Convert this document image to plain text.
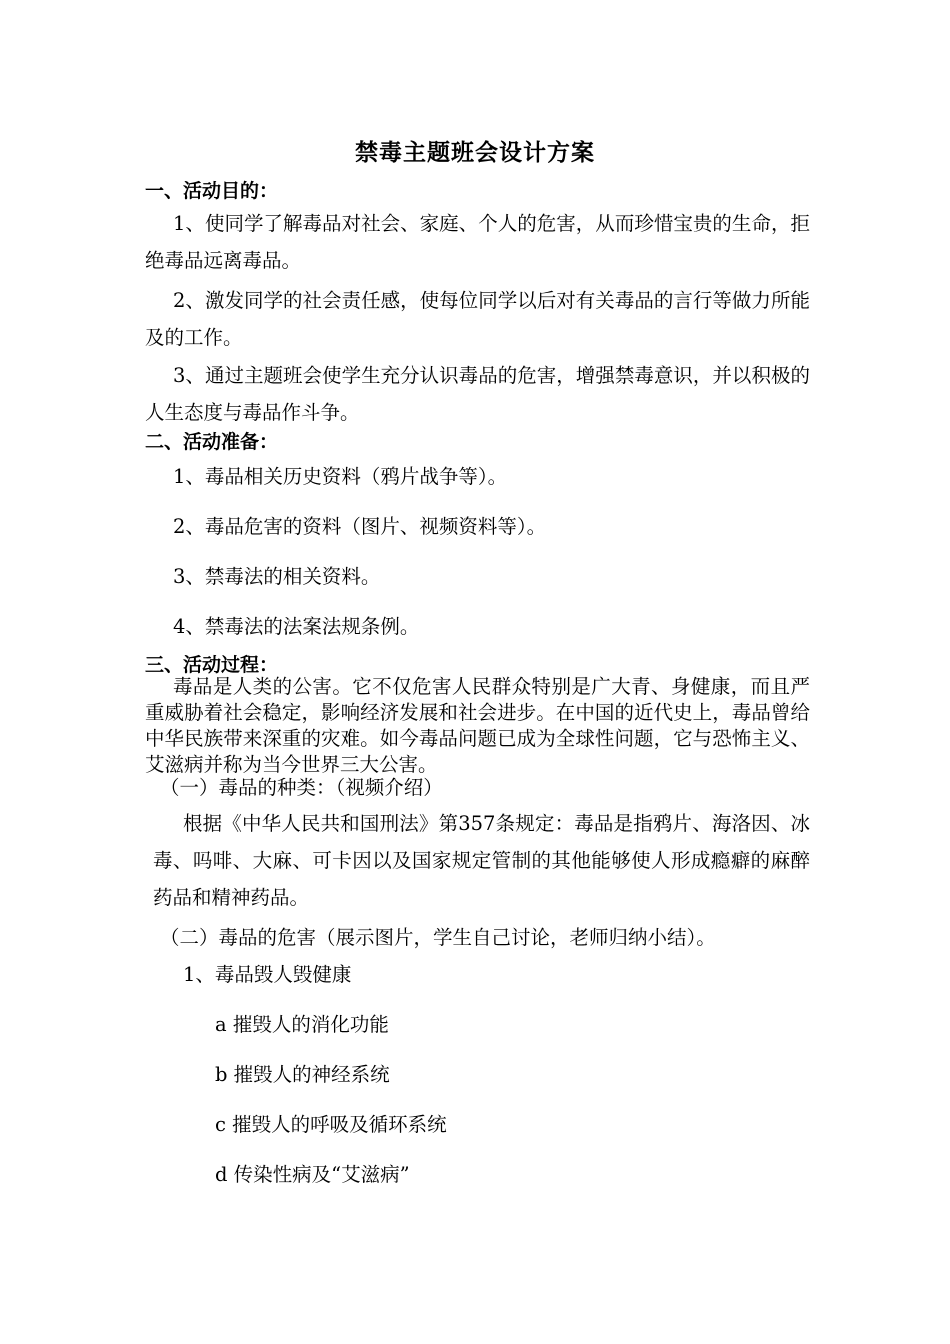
禁毒主题班会设计方案
一、活动目的：

1、使同学了解毒品对社会、家庭、个人的危害，从而珍惜宝贵的生命，拒绝毒品远离毒品。

2、激发同学的社会责任感，使每位同学以后对有关毒品的言行等做力所能及的工作。

3、通过主题班会使学生充分认识毒品的危害，增强禁毒意识，并以积极的人生态度与毒品作斗争。

二、活动准备：
1、毒品相关历史资料（鸦片战争等）。
2、毒品危害的资料（图片、视频资料等）。
3、禁毒法的相关资料。
4、禁毒法的法案法规条例。
三、活动过程：

毒品是人类的公害。它不仅危害人民群众特别是广大青、身健康，而且严重威胁着社会稳定，影响经济发展和社会进步。在中国的近代史上，毒品曾给中华民族带来深重的灾难。如今毒品问题已成为全球性问题，它与恐怖主义、艾滋病并称为当今世界三大公害。

（一）毒品的种类：（视频介绍）

根据《中华人民共和国刑法》第357条规定：毒品是指鸦片、海洛因、冰毒、吗啡、大麻、可卡因以及国家规定管制的其他能够使人形成瘾癖的麻醉药品和精神药品。

（二）毒品的危害（展示图片，学生自己讨论，老师归纳小结）。
1、毒品毁人毁健康
a 摧毁人的消化功能
b 摧毁人的神经系统
c 摧毁人的呼吸及循环系统
d 传染性病及“艾滋病”
